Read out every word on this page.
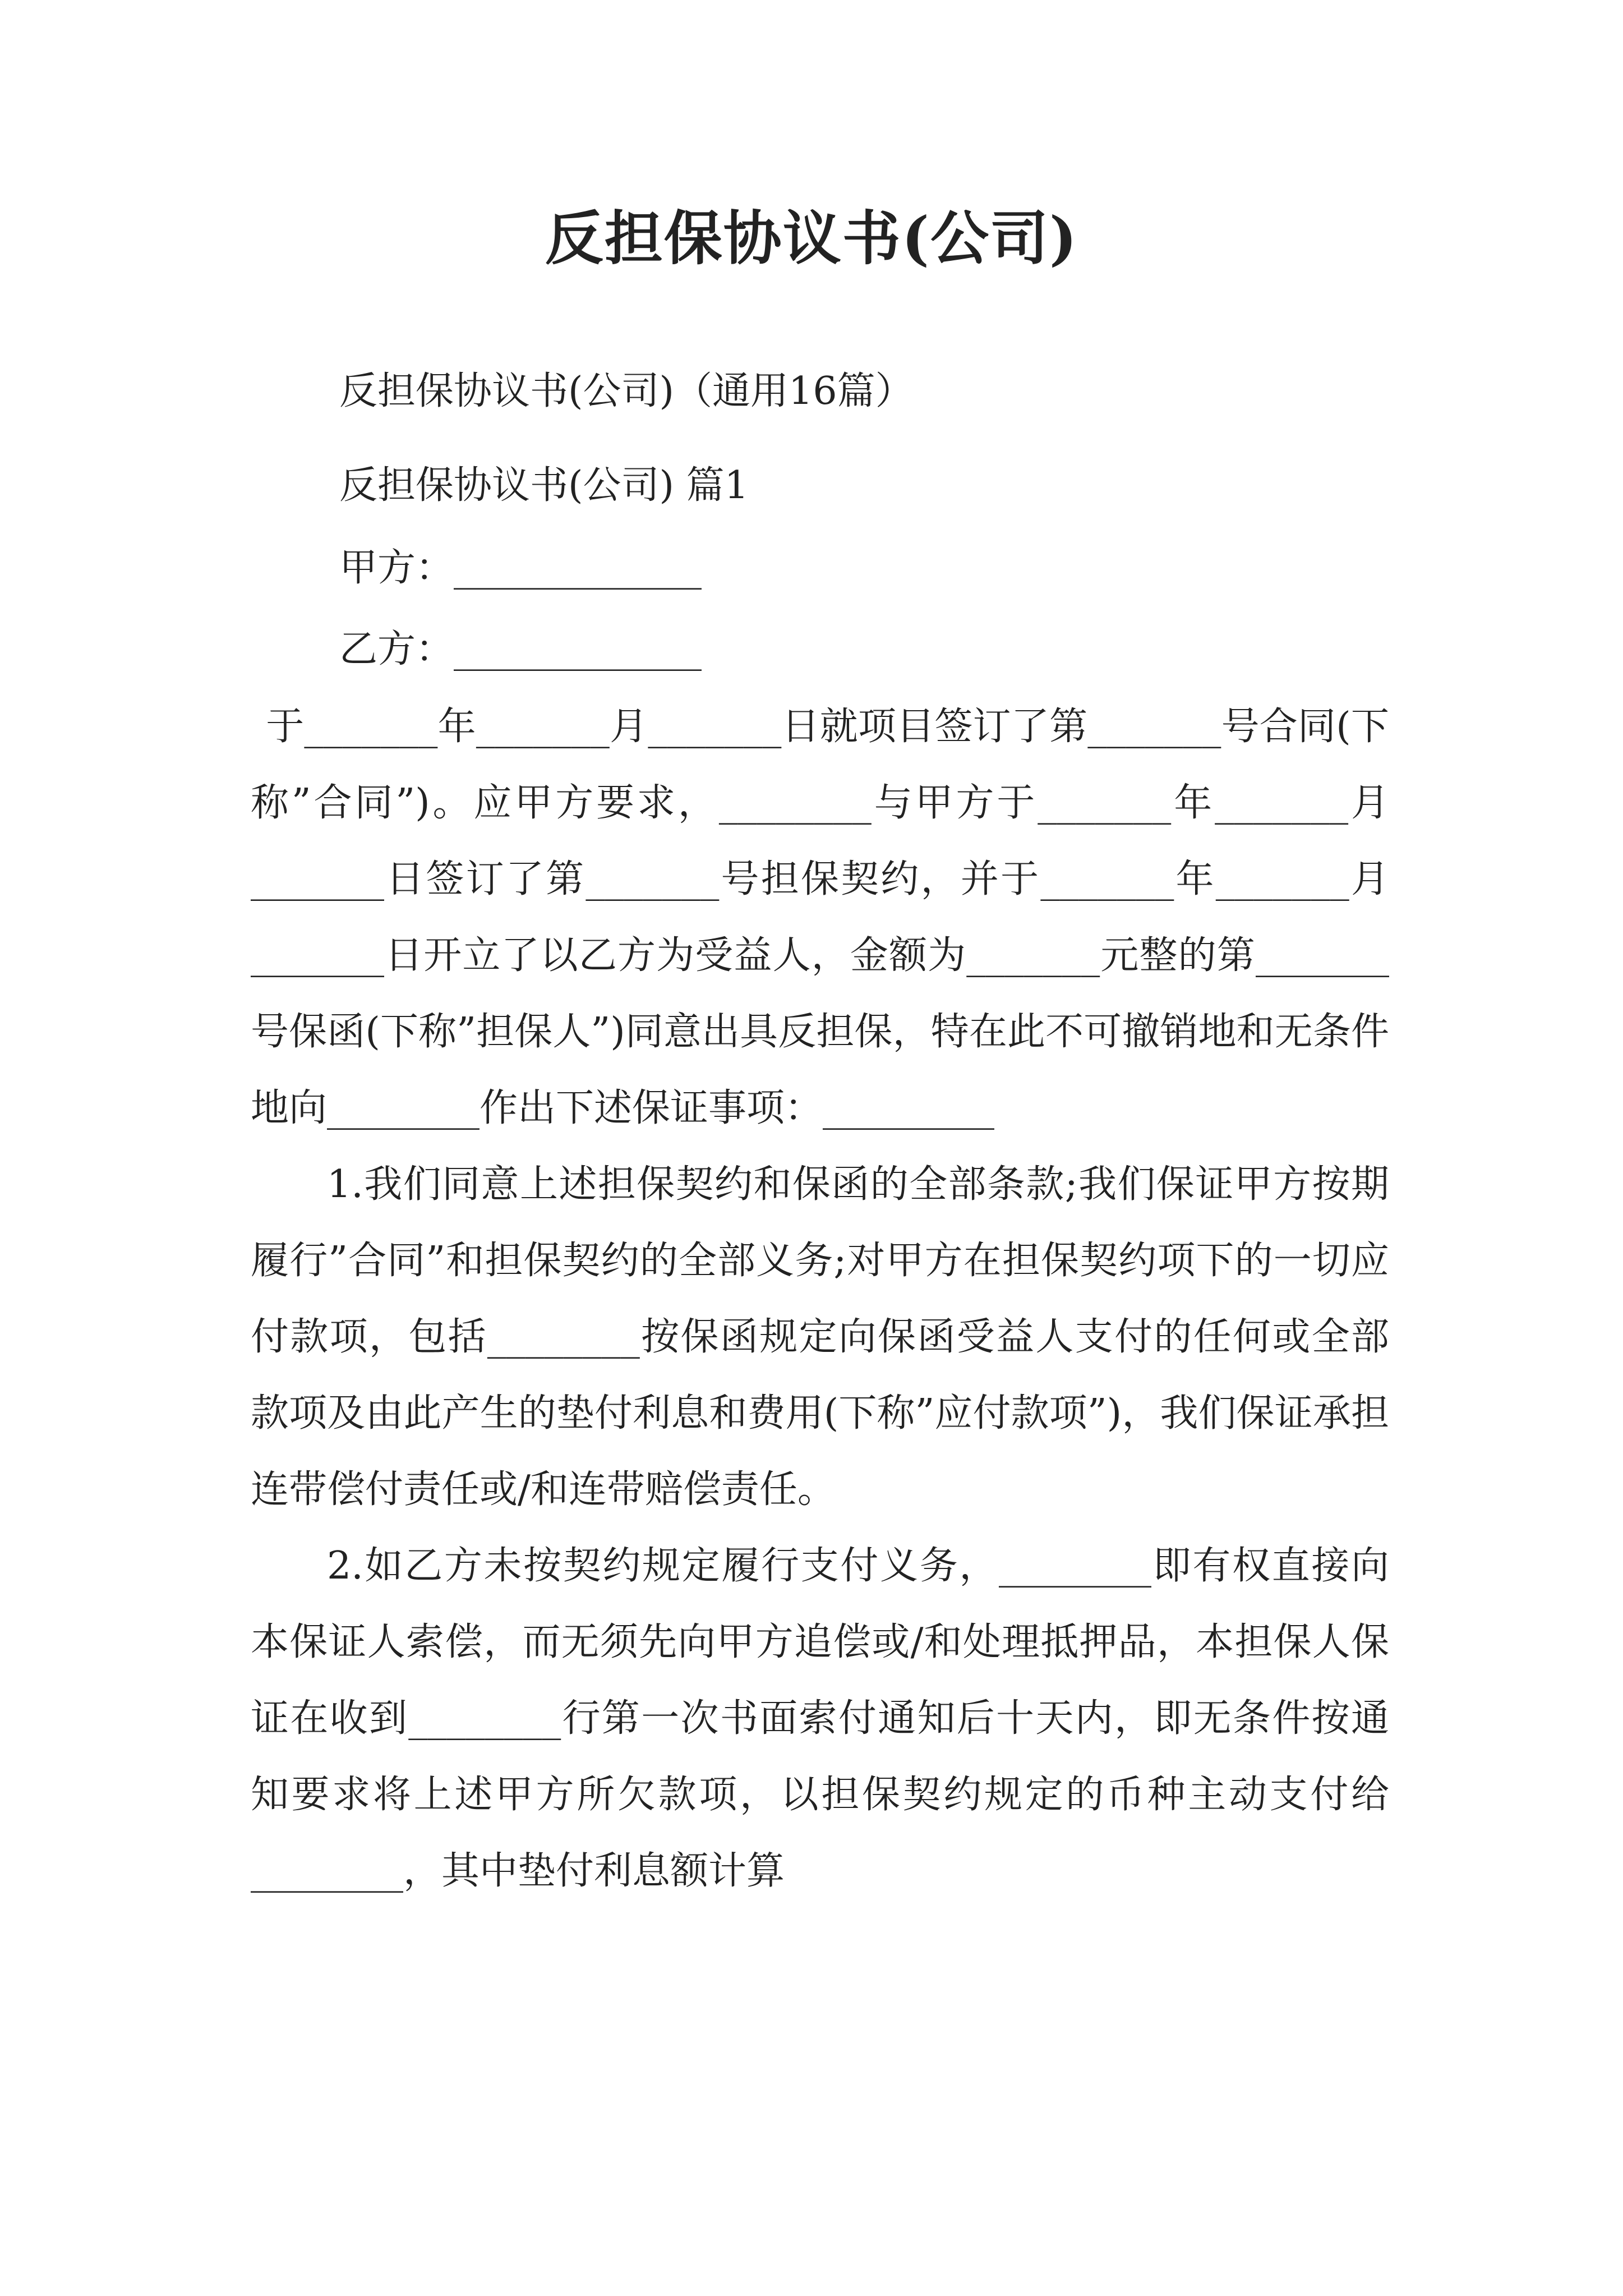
反担保协议书(公司)

反担保协议书(公司)（通用16篇）

反担保协议书(公司) 篇1

甲方：_____________

乙方：_____________

于_______年_______月_______日就项目签订了第_______号合同(下称”合同”)。应甲方要求，________与甲方于_______年_______月_______日签订了第_______号担保契约，并于_______年_______月_______日开立了以乙方为受益人，金额为_______元整的第_______号保函(下称”担保人”)同意出具反担保，特在此不可撤销地和无条件地向________作出下述保证事项：_________

1.我们同意上述担保契约和保函的全部条款;我们保证甲方按期履行”合同”和担保契约的全部义务;对甲方在担保契约项下的一切应付款项，包括________按保函规定向保函受益人支付的任何或全部款项及由此产生的垫付利息和费用(下称”应付款项”)，我们保证承担连带偿付责任或/和连带赔偿责任。

2.如乙方未按契约规定履行支付义务，________即有权直接向本保证人索偿，而无须先向甲方追偿或/和处理抵押品，本担保人保证在收到________行第一次书面索付通知后十天内，即无条件按通知要求将上述甲方所欠款项，以担保契约规定的币种主动支付给________，其中垫付利息额计算
